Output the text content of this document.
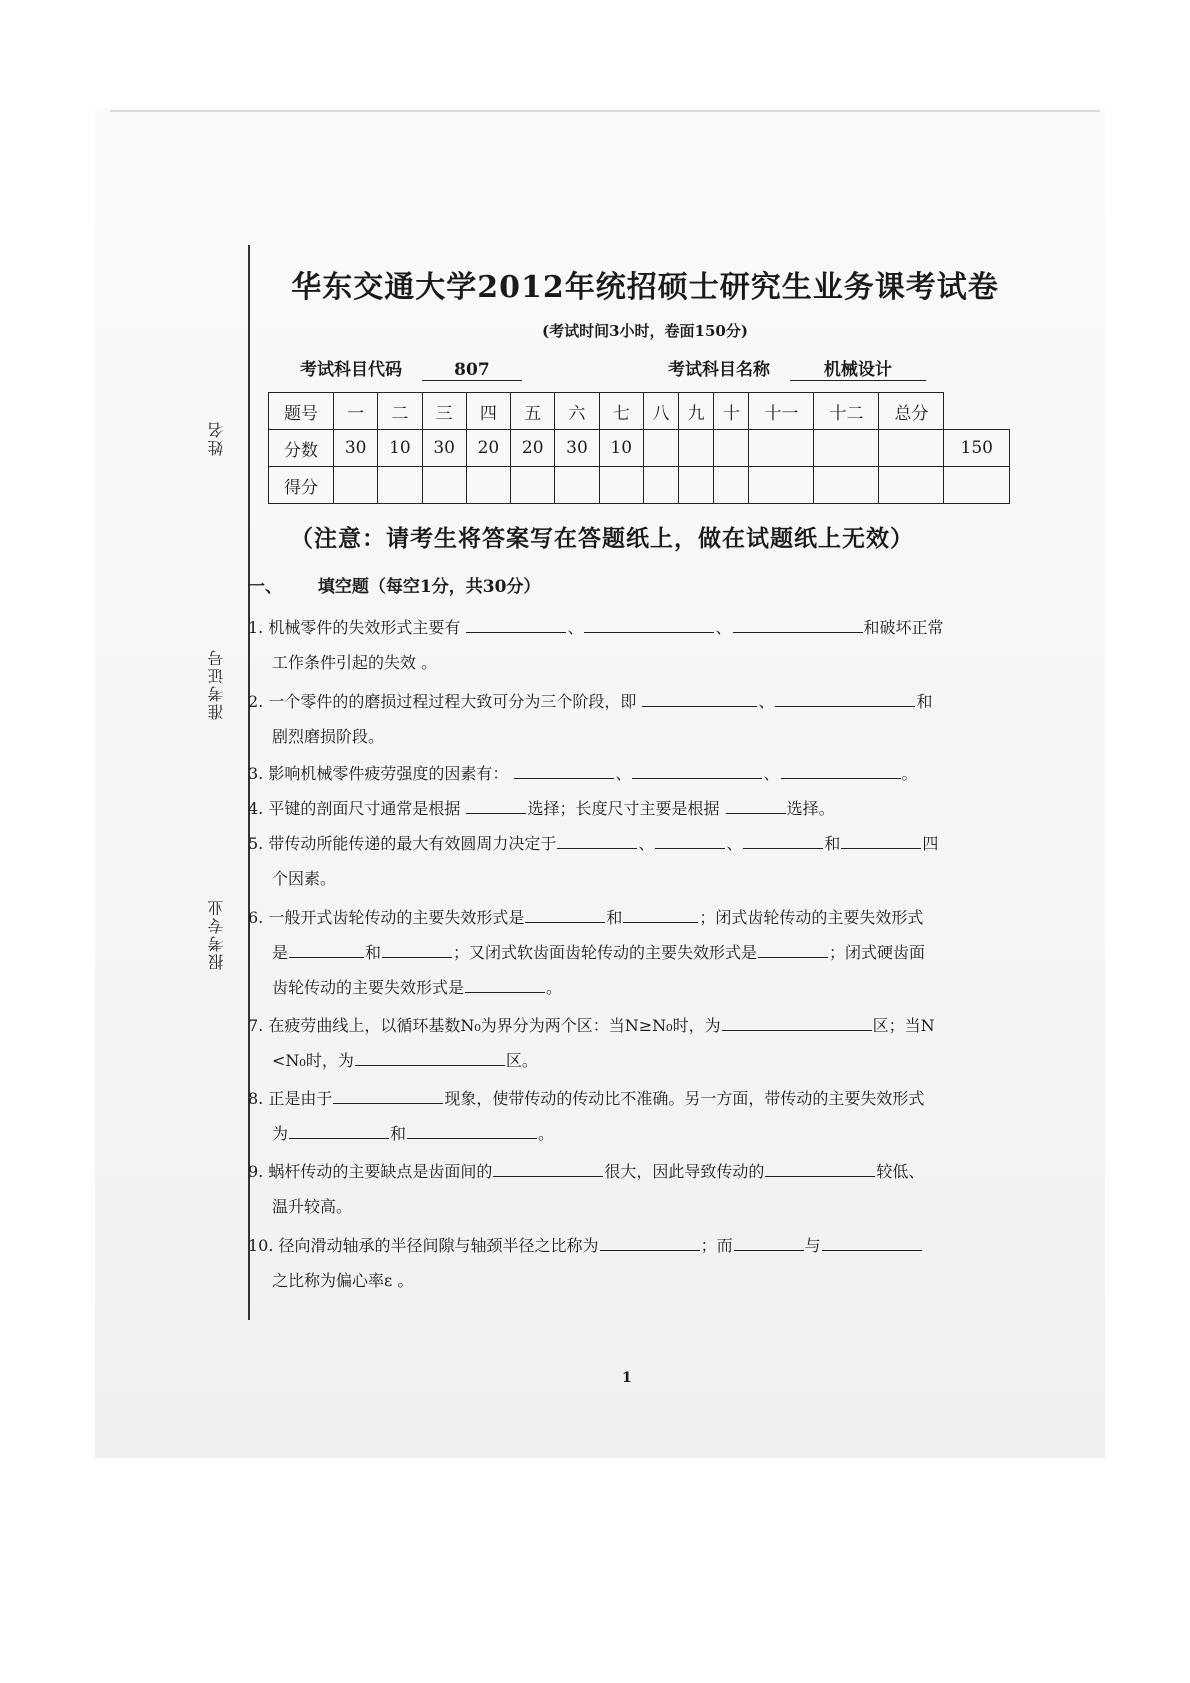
姓名
准考证号
报考专业
华东交通大学2012年统招硕士研究生业务课考试卷
(考试时间3小时，卷面150分)
考试科目代码	807	考试科目名称	机械设计
题号	一	二	三	四	五	六	七	八	九	十	十一	十二	总分	
分数	30	10	30	20	20	30	10							150
得分														
（注意：请考生将答案写在答题纸上，做在试题纸上无效）
一、 填空题（每空1分，共30分）
1. 机械零件的失效形式主要有	、	、	和破坏正常
工作条件引起的失效 。
2. 一个零件的的磨损过程过程大致可分为三个阶段，即	、	和
剧烈磨损阶段。
3. 影响机械零件疲劳强度的因素有：	、	、	。
4. 平键的剖面尺寸通常是根据	选择；长度尺寸主要是根据	选择。
5. 带传动所能传递的最大有效圆周力决定于	、	、	和	四
个因素。
6. 一般开式齿轮传动的主要失效形式是	和	；闭式齿轮传动的主要失效形式
是	和	；又闭式软齿面齿轮传动的主要失效形式是	；闭式硬齿面
齿轮传动的主要失效形式是	。
7. 在疲劳曲线上，以循环基数N₀为界分为两个区：当N≥N₀时，为	区；当N
<N₀时，为	区。
8. 正是由于	现象，使带传动的传动比不准确。另一方面，带传动的主要失效形式
为	和	。
9. 蜗杆传动的主要缺点是齿面间的	很大，因此导致传动的	较低、
温升较高。
10. 径向滑动轴承的半径间隙与轴颈半径之比称为	；而	与
之比称为偏心率ε 。
1
